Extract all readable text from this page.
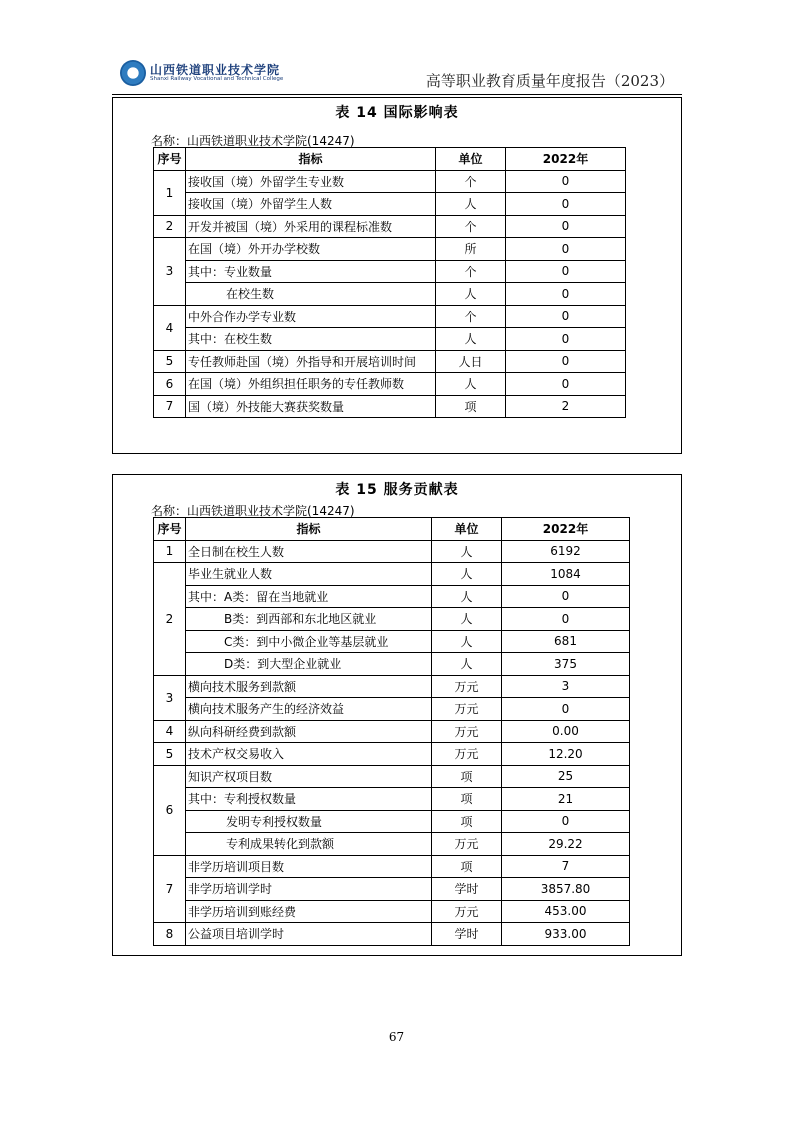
山西铁道职业技术学院
Shanxi Railway Vocational and Technical College	高等职业教育质量年度报告（2023）
表 14 国际影响表
名称：山西铁道职业技术学院(14247)
序号	指标	单位	2022年
1	接收国（境）外留学生专业数	个	0
	接收国（境）外留学生人数	人	0
2	开发并被国（境）外采用的课程标准数	个	0
3	在国（境）外开办学校数	所	0
	其中：专业数量	个	0
	在校生数	人	0
4	中外合作办学专业数	个	0
	其中：在校生数	人	0
5	专任教师赴国（境）外指导和开展培训时间	人日	0
6	在国（境）外组织担任职务的专任教师数	人	0
7	国（境）外技能大赛获奖数量	项	2
表 15 服务贡献表
名称：山西铁道职业技术学院(14247)
序号	指标	单位	2022年
1	全日制在校生人数	人	6192
2	毕业生就业人数	人	1084
	其中：A类：留在当地就业	人	0
	B类：到西部和东北地区就业	人	0
	C类：到中小微企业等基层就业	人	681
	D类：到大型企业就业	人	375
3	横向技术服务到款额	万元	3
	横向技术服务产生的经济效益	万元	0
4	纵向科研经费到款额	万元	0.00
5	技术产权交易收入	万元	12.20
6	知识产权项目数	项	25
	其中：专利授权数量	项	21
	发明专利授权数量	项	0
	专利成果转化到款额	万元	29.22
7	非学历培训项目数	项	7
	非学历培训学时	学时	3857.80
	非学历培训到账经费	万元	453.00
8	公益项目培训学时	学时	933.00
67
